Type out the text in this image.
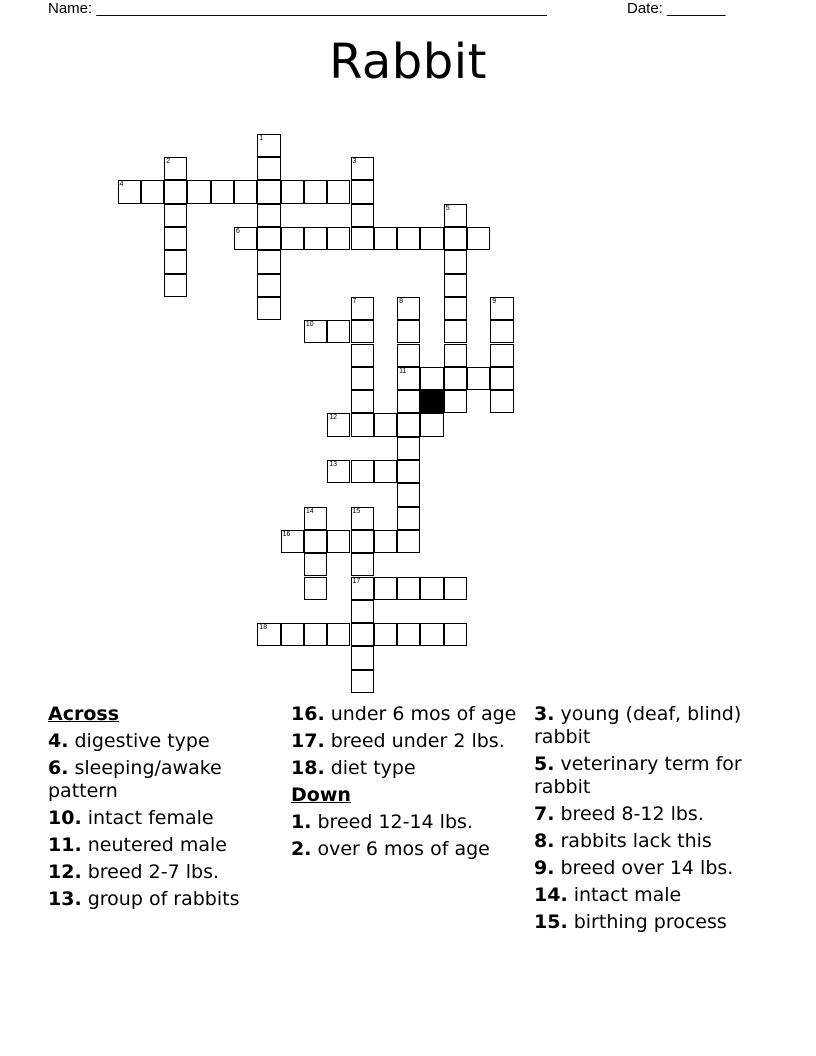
Name: ______________________________________________________	Date: _______
Rabbit
4
6
10
11
12
13
16
17
18
1
2	3
5
7	8	9
14	15
Across
4. digestive type
6. sleeping/awake pattern
10. intact female
11. neutered male
12. breed 2-7 lbs.
13. group of rabbits
16. under 6 mos of age
17. breed under 2 lbs.
18. diet type
Down
1. breed 12-14 lbs.
2. over 6 mos of age
3. young (deaf, blind) rabbit
5. veterinary term for rabbit
7. breed 8-12 lbs.
8. rabbits lack this
9. breed over 14 lbs.
14. intact male
15. birthing process
